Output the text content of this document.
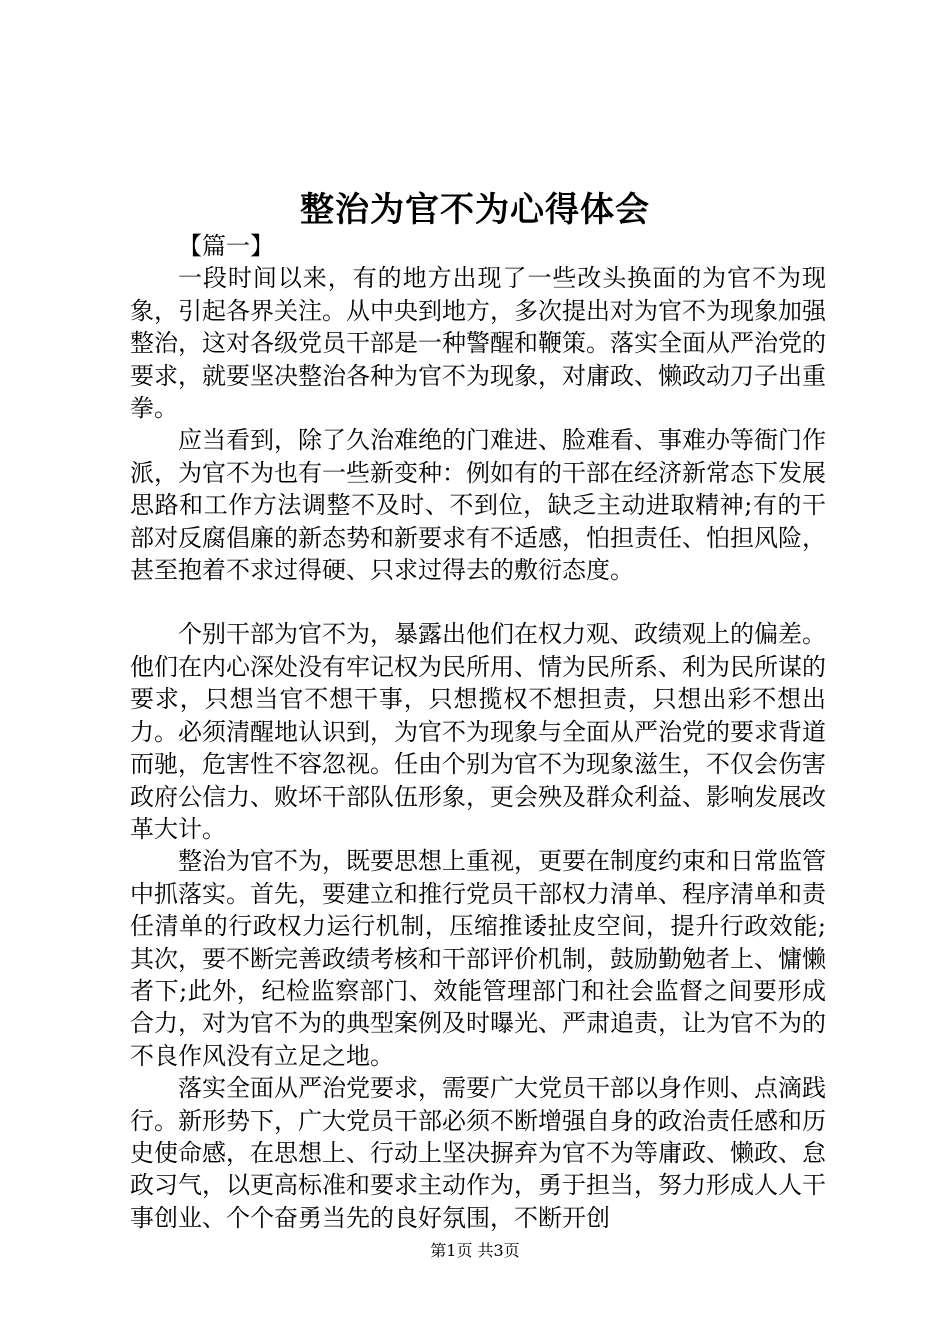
整治为官不为心得体会

【篇一】

一段时间以来，有的地方出现了一些改头换面的为官不为现象，引起各界关注。从中央到地方，多次提出对为官不为现象加强整治，这对各级党员干部是一种警醒和鞭策。落实全面从严治党的要求，就要坚决整治各种为官不为现象，对庸政、懒政动刀子出重拳。

应当看到，除了久治难绝的门难进、脸难看、事难办等衙门作派，为官不为也有一些新变种：例如有的干部在经济新常态下发展思路和工作方法调整不及时、不到位，缺乏主动进取精神;有的干部对反腐倡廉的新态势和新要求有不适感，怕担责任、怕担风险，甚至抱着不求过得硬、只求过得去的敷衍态度。

个别干部为官不为，暴露出他们在权力观、政绩观上的偏差。他们在内心深处没有牢记权为民所用、情为民所系、利为民所谋的要求，只想当官不想干事，只想揽权不想担责，只想出彩不想出力。必须清醒地认识到，为官不为现象与全面从严治党的要求背道而驰，危害性不容忽视。任由个别为官不为现象滋生，不仅会伤害政府公信力、败坏干部队伍形象，更会殃及群众利益、影响发展改革大计。

整治为官不为，既要思想上重视，更要在制度约束和日常监管中抓落实。首先，要建立和推行党员干部权力清单、程序清单和责任清单的行政权力运行机制，压缩推诿扯皮空间，提升行政效能;其次，要不断完善政绩考核和干部评价机制，鼓励勤勉者上、慵懒者下;此外，纪检监察部门、效能管理部门和社会监督之间要形成合力，对为官不为的典型案例及时曝光、严肃追责，让为官不为的不良作风没有立足之地。

落实全面从严治党要求，需要广大党员干部以身作则、点滴践行。新形势下，广大党员干部必须不断增强自身的政治责任感和历史使命感，在思想上、行动上坚决摒弃为官不为等庸政、懒政、怠政习气，以更高标准和要求主动作为，勇于担当，努力形成人人干事创业、个个奋勇当先的良好氛围，不断开创

第1页 共3页
